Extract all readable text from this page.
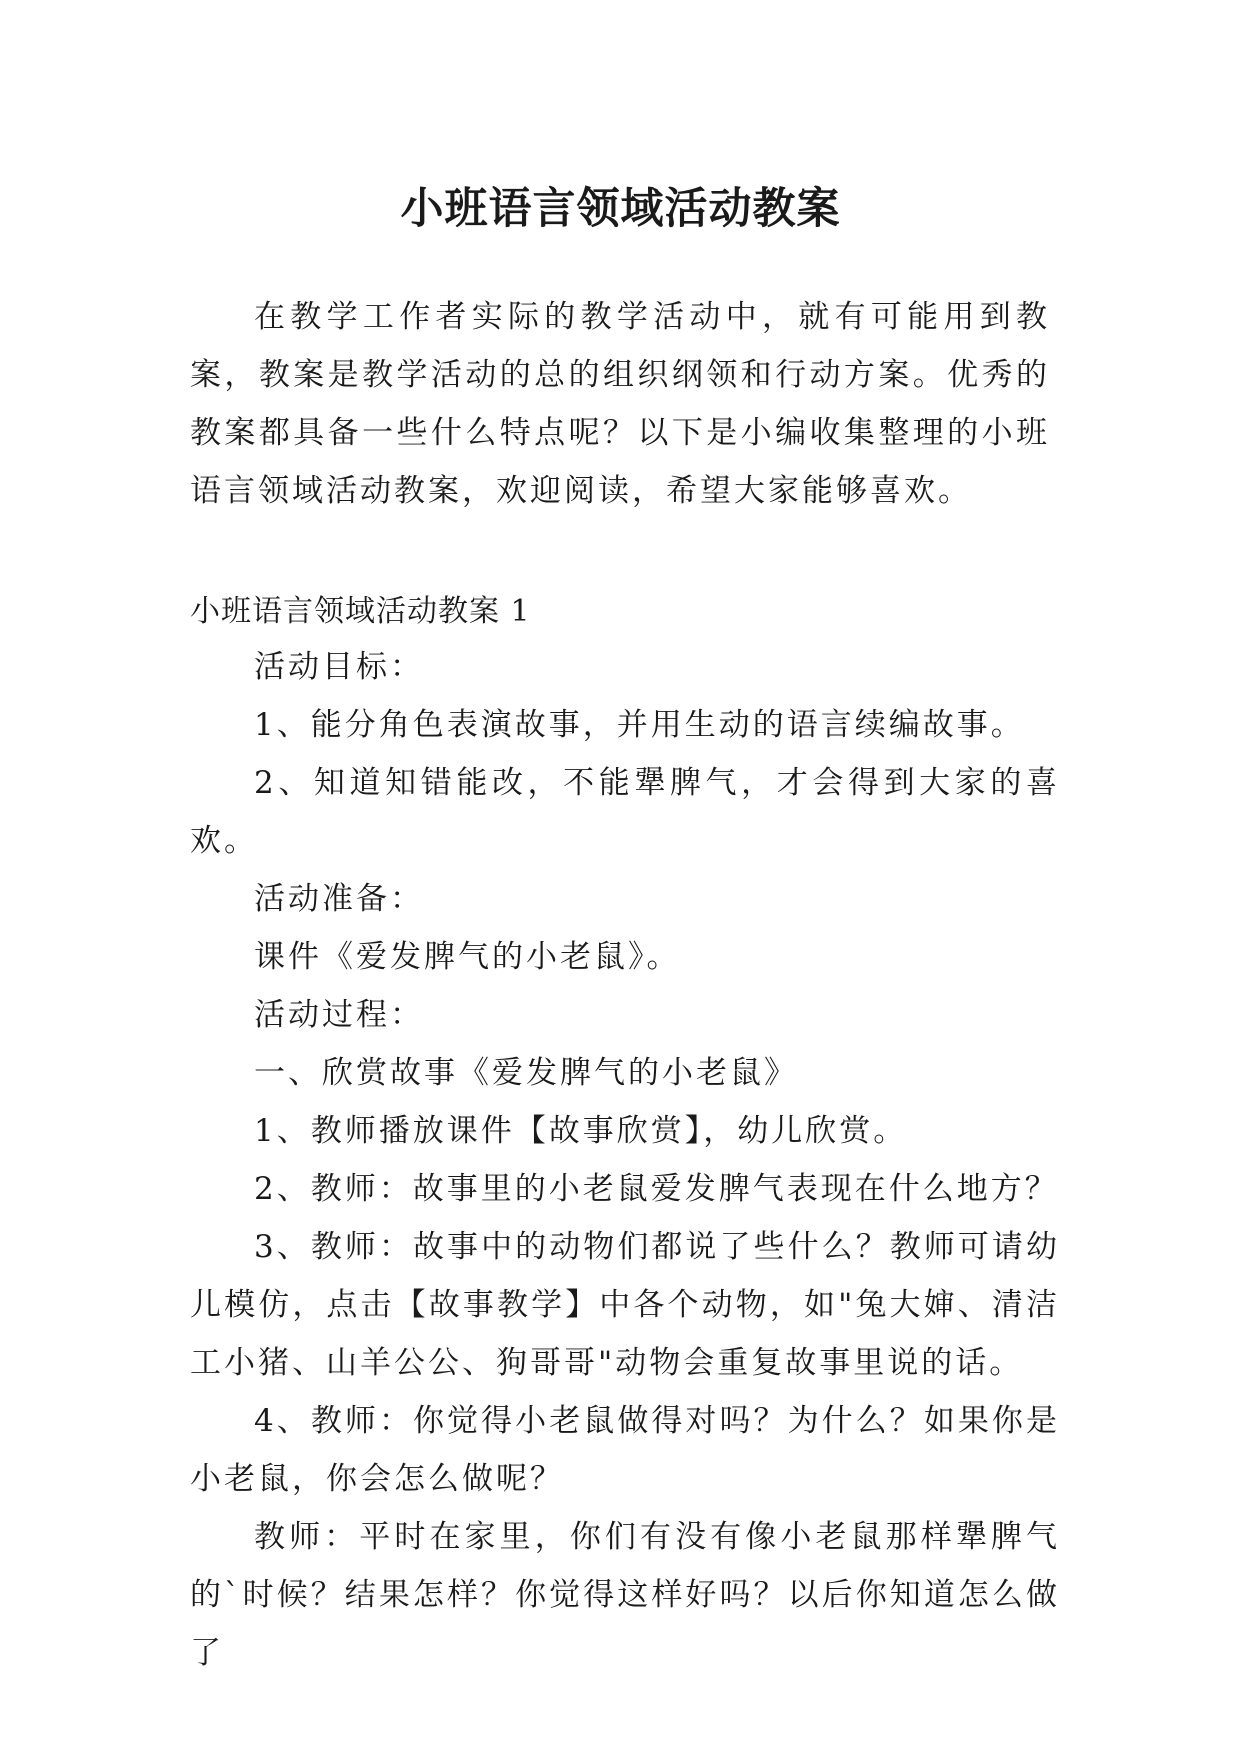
小班语言领域活动教案

在教学工作者实际的教学活动中，就有可能用到教案，教案是教学活动的总的组织纲领和行动方案。优秀的教案都具备一些什么特点呢？以下是小编收集整理的小班语言领域活动教案，欢迎阅读，希望大家能够喜欢。

小班语言领域活动教案 1

活动目标：

1、能分角色表演故事，并用生动的语言续编故事。

2、知道知错能改，不能犟脾气，才会得到大家的喜欢。

活动准备：

课件《爱发脾气的小老鼠》。

活动过程：

一、欣赏故事《爱发脾气的小老鼠》

1、教师播放课件【故事欣赏】，幼儿欣赏。

2、教师：故事里的小老鼠爱发脾气表现在什么地方？

3、教师：故事中的动物们都说了些什么？教师可请幼儿模仿，点击【故事教学】中各个动物，如"兔大婶、清洁工小猪、山羊公公、狗哥哥"动物会重复故事里说的话。

4、教师：你觉得小老鼠做得对吗？为什么？如果你是小老鼠，你会怎么做呢？

教师：平时在家里，你们有没有像小老鼠那样犟脾气的`时候？结果怎样？你觉得这样好吗？以后你知道怎么做了
